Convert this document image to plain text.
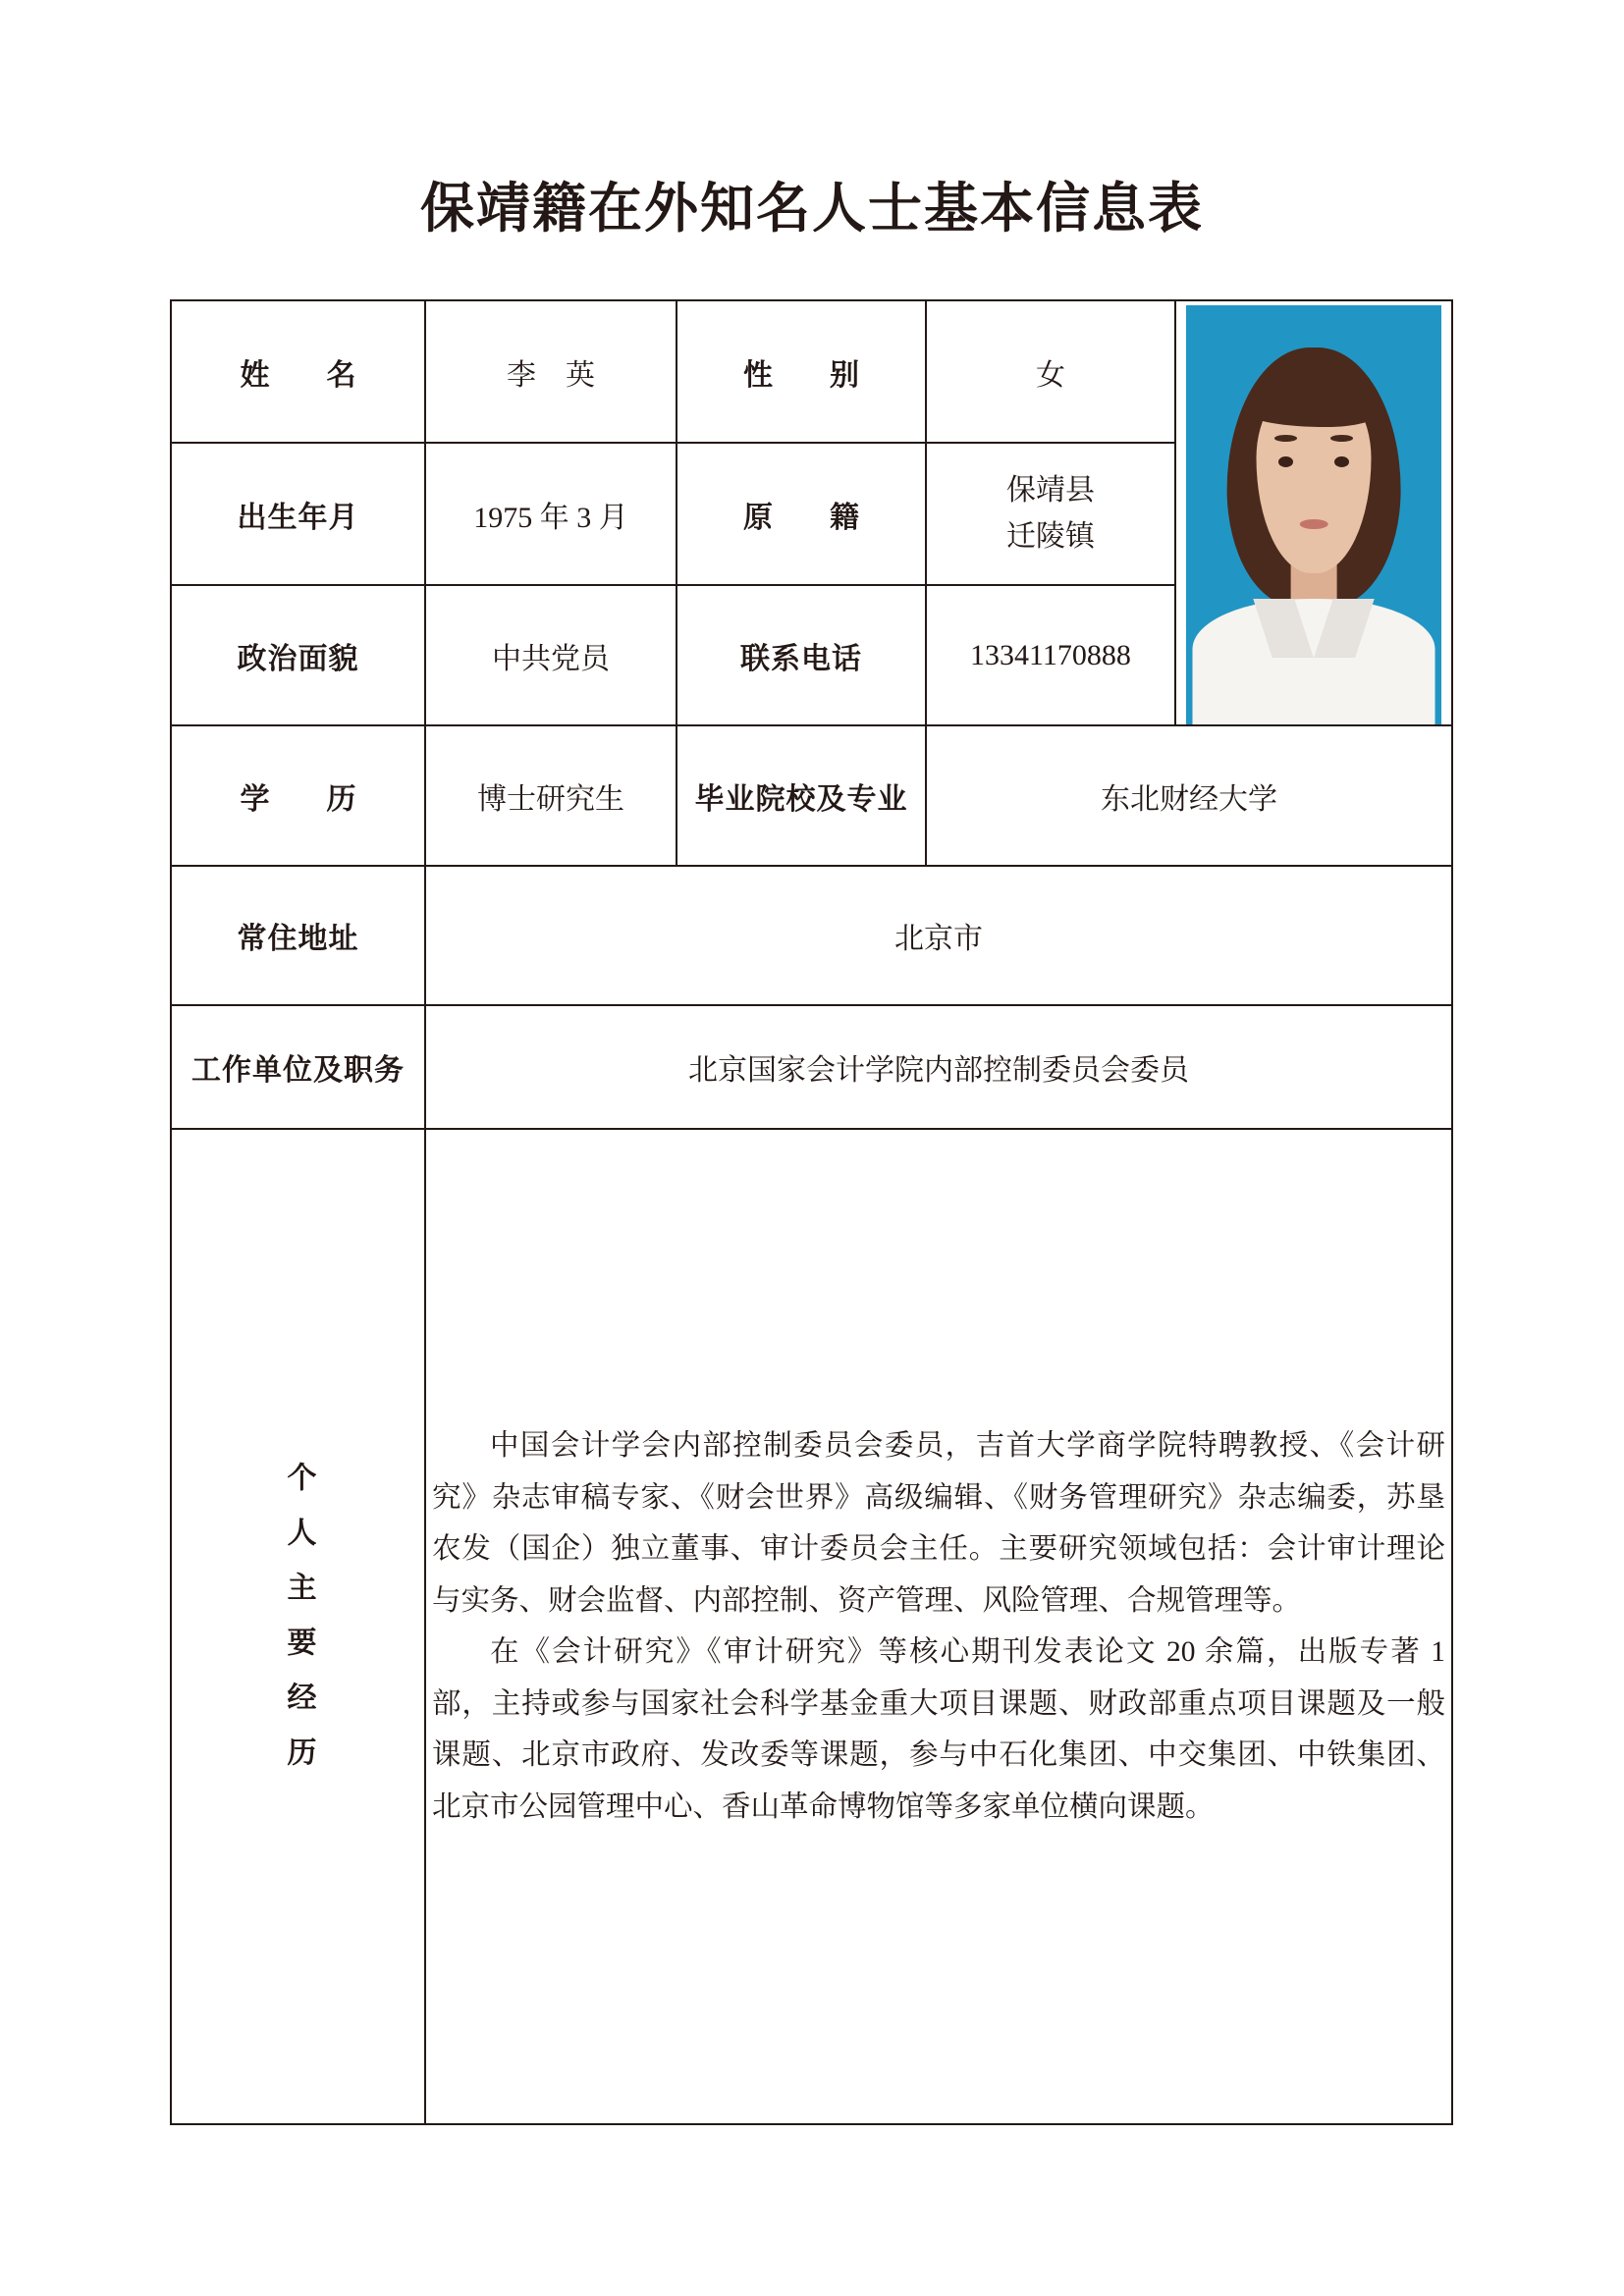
保靖籍在外知名人士基本信息表
姓　名	李　英	性　别	女	

出生年月	1975 年 3 月	原　籍	保靖县
迁陵镇	

政治面貌	中共党员	联系电话	13341170888	
学　历	博士研究生	毕业院校及专业	东北财经大学	
常住地址	北京市			
工作单位及职务	北京国家会计学院内部控制委员会委员			

个人主要经历	中国会计学会内部控制委员会委员，吉首大学商学院特聘教授、《会计研究》杂志审稿专家、《财会世界》高级编辑、《财务管理研究》杂志编委，苏垦农发（国企）独立董事、审计委员会主任。主要研究领域包括：会计审计理论与实务、财会监督、内部控制、资产管理、风险管理、合规管理等。

在《会计研究》《审计研究》等核心期刊发表论文 20 余篇，出版专著 1 部，主持或参与国家社会科学基金重大项目课题、财政部重点项目课题及一般课题、北京市政府、发改委等课题，参与中石化集团、中交集团、中铁集团、北京市公园管理中心、香山革命博物馆等多家单位横向课题。			
